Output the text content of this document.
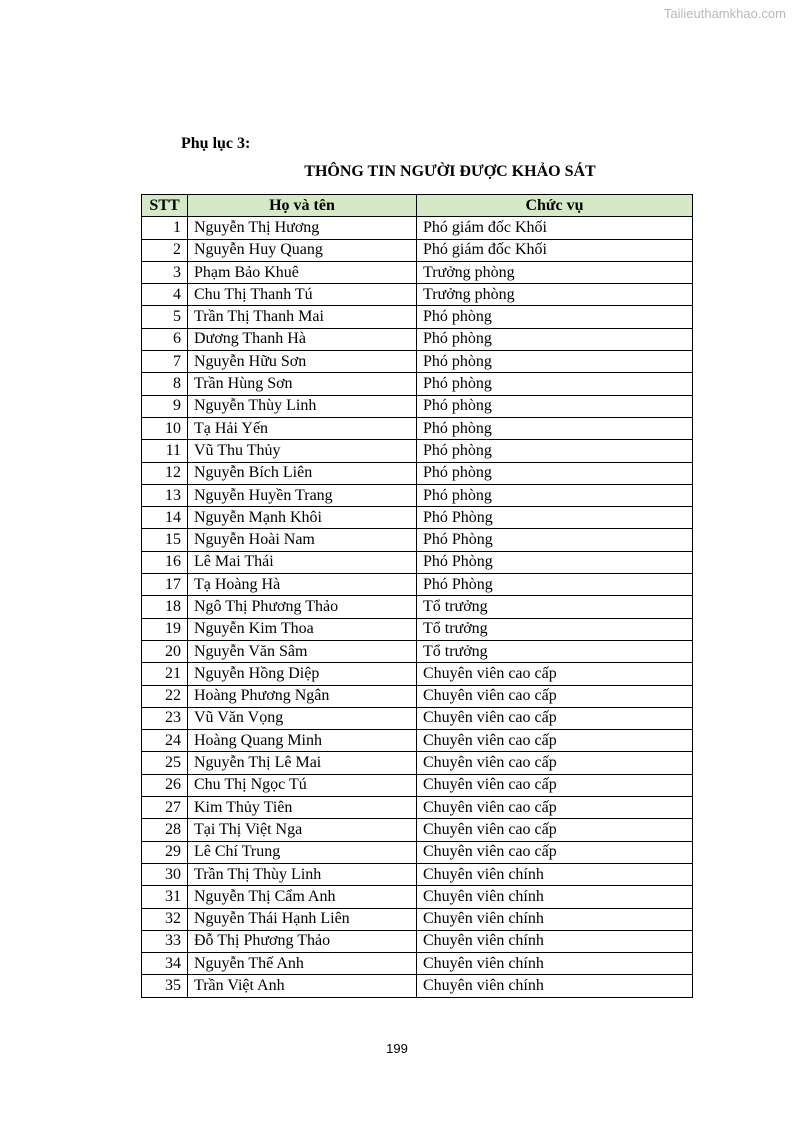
Tailieuthamkhao.com
Phụ lục 3:
THÔNG TIN NGƯỜI ĐƯỢC KHẢO SÁT
STT	Họ và tên	Chức vụ
1	Nguyễn Thị Hương	Phó giám đốc Khối
2	Nguyễn Huy Quang	Phó giám đốc Khối
3	Phạm Bảo Khuê	Trưởng phòng
4	Chu Thị Thanh Tú	Trưởng phòng
5	Trần Thị Thanh Mai	Phó phòng
6	Dương Thanh Hà	Phó phòng
7	Nguyễn Hữu Sơn	Phó phòng
8	Trần Hùng Sơn	Phó phòng
9	Nguyễn Thùy Linh	Phó phòng
10	Tạ Hải Yến	Phó phòng
11	Vũ Thu Thủy	Phó phòng
12	Nguyễn Bích Liên	Phó phòng
13	Nguyễn Huyền Trang	Phó phòng
14	Nguyễn Mạnh Khôi	Phó Phòng
15	Nguyễn Hoài Nam	Phó Phòng
16	Lê Mai Thái	Phó Phòng
17	Tạ Hoàng Hà	Phó Phòng
18	Ngô Thị Phương Thảo	Tổ trưởng
19	Nguyễn Kim Thoa	Tổ trưởng
20	Nguyễn Văn Sâm	Tổ trưởng
21	Nguyễn Hồng Diệp	Chuyên viên cao cấp
22	Hoàng Phương Ngân	Chuyên viên cao cấp
23	Vũ Văn Vọng	Chuyên viên cao cấp
24	Hoàng Quang Minh	Chuyên viên cao cấp
25	Nguyễn Thị Lê Mai	Chuyên viên cao cấp
26	Chu Thị Ngọc Tú	Chuyên viên cao cấp
27	Kim Thủy Tiên	Chuyên viên cao cấp
28	Tại Thị Việt Nga	Chuyên viên cao cấp
29	Lê Chí Trung	Chuyên viên cao cấp
30	Trần Thị Thùy Linh	Chuyên viên chính
31	Nguyễn Thị Cẩm Anh	Chuyên viên chính
32	Nguyễn Thái Hạnh Liên	Chuyên viên chính
33	Đỗ Thị Phương Thảo	Chuyên viên chính
34	Nguyễn Thế Anh	Chuyên viên chính
35	Trần Việt Anh	Chuyên viên chính
199
